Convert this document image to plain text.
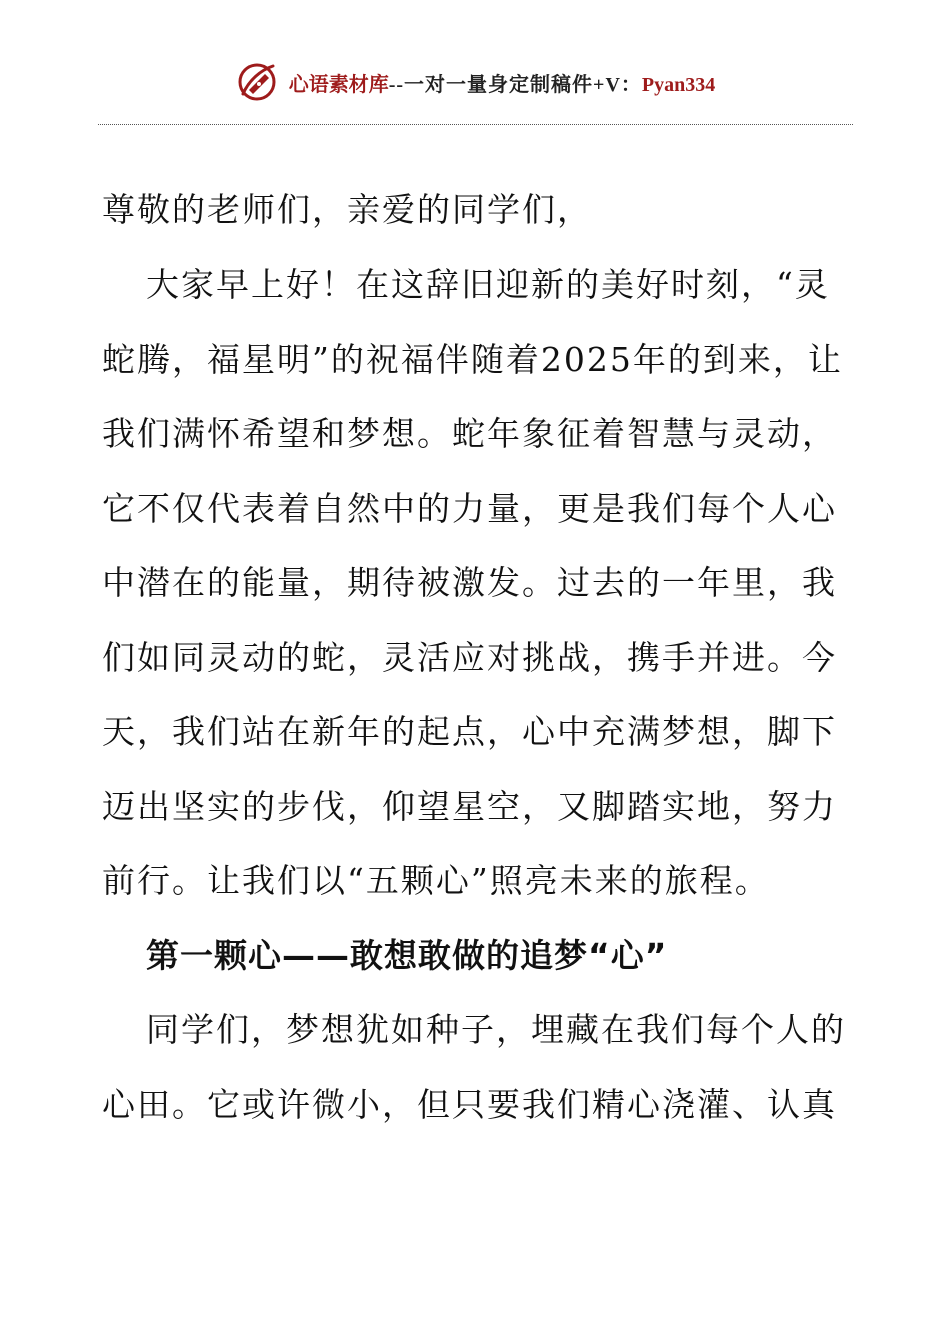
心语素材库--一对一量身定制稿件+V：Pyan334
尊敬的老师们，亲爱的同学们，
大家早上好！在这辞旧迎新的美好时刻，“灵
蛇腾，福星明”的祝福伴随着2025年的到来，让
我们满怀希望和梦想。蛇年象征着智慧与灵动，
它不仅代表着自然中的力量，更是我们每个人心
中潜在的能量，期待被激发。过去的一年里，我
们如同灵动的蛇，灵活应对挑战，携手并进。今
天，我们站在新年的起点，心中充满梦想，脚下
迈出坚实的步伐，仰望星空，又脚踏实地，努力
前行。让我们以“五颗心”照亮未来的旅程。
第一颗心——敢想敢做的追梦“心”
同学们，梦想犹如种子，埋藏在我们每个人的
心田。它或许微小，但只要我们精心浇灌、认真
